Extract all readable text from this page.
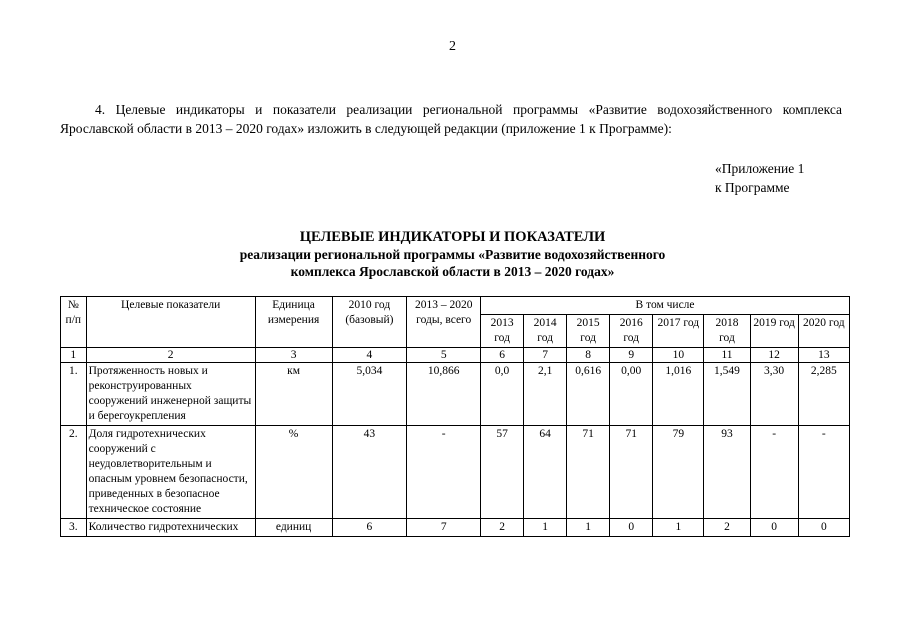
2
4. Целевые индикаторы и показатели реализации региональной программы «Развитие водохозяйственного комплекса Ярославской области в 2013 – 2020 годах» изложить в следующей редакции (приложение 1 к Программе):
«Приложение 1
к Программе
ЦЕЛЕВЫЕ ИНДИКАТОРЫ И ПОКАЗАТЕЛИ
реализации региональной программы «Развитие водохозяйственного
комплекса Ярославской области в 2013 – 2020 годах»
№ п/п	Целевые показатели	Единица измерения	2010 год (базовый)	2013 – 2020 годы, всего	В том числе							
					2013 год	2014 год	2015 год	2016 год	2017 год	2018 год	2019 год	2020 год
1	2	3	4	5	6	7	8	9	10	11	12	13
1.	Протяженность новых и реконструированных сооружений инженерной защиты и берегоукрепления	км	5,034	10,866	0,0	2,1	0,616	0,00	1,016	1,549	3,30	2,285
2.	Доля гидротехнических сооружений с неудовлетворительным и опасным уровнем безопасности, приведенных в безопасное техническое состояние	%	43	-	57	64	71	71	79	93	-	-
3.	Количество гидротехнических	единиц	6	7	2	1	1	0	1	2	0	0
